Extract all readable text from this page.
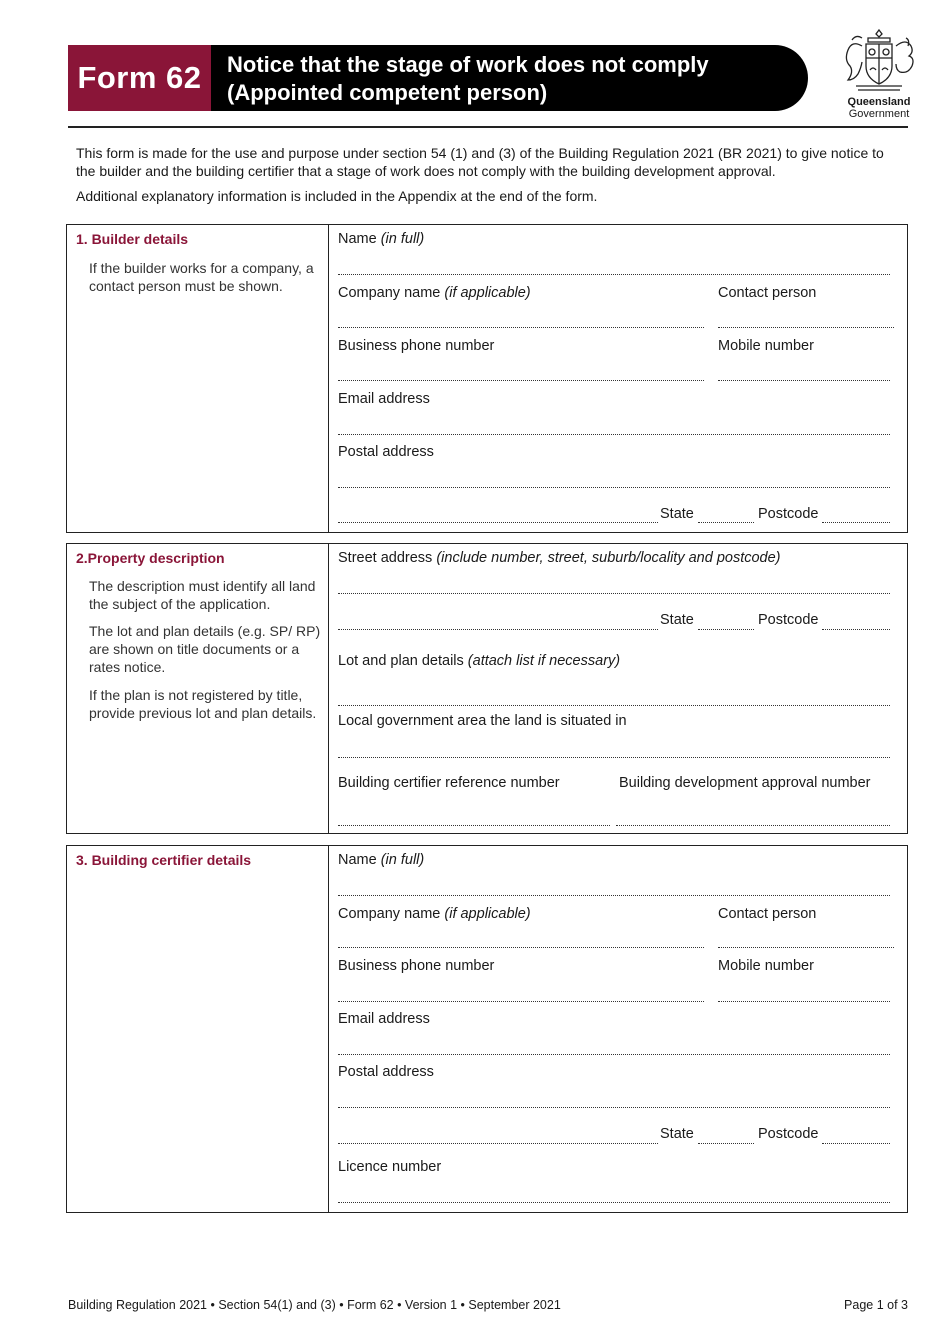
Form 62	Notice that the stage of work does not comply
(Appointed competent person)	Queensland
Government
This form is made for the use and purpose under section 54 (1) and (3) of the Building Regulation 2021 (BR 2021) to give notice to the builder and the building certifier that a stage of work does not comply with the building development approval.
Additional explanatory information is included in the Appendix at the end of the form.
1. Builder details
If the builder works for a company, a contact person must be shown.
Name (in full)
Company name (if applicable)	Contact person
Business phone number	Mobile number
Email address
Postal address
State	Postcode
2.Property description
The description must identify all land the subject of the application.
The lot and plan details (e.g. SP/ RP) are shown on title documents or a rates notice.
If the plan is not registered by title, provide previous lot and plan details.
Street address (include number, street, suburb/locality and postcode)
State	Postcode
Lot and plan details (attach list if necessary)
Local government area the land is situated in
Building certifier reference number	Building development approval number
3. Building certifier details	Name (in full)
Company name (if applicable)	Contact person
Business phone number	Mobile number
Email address
Postal address
State	Postcode
Licence number
Building Regulation 2021 • Section 54(1) and (3) • Form 62 • Version 1 • September 2021	Page 1 of 3
